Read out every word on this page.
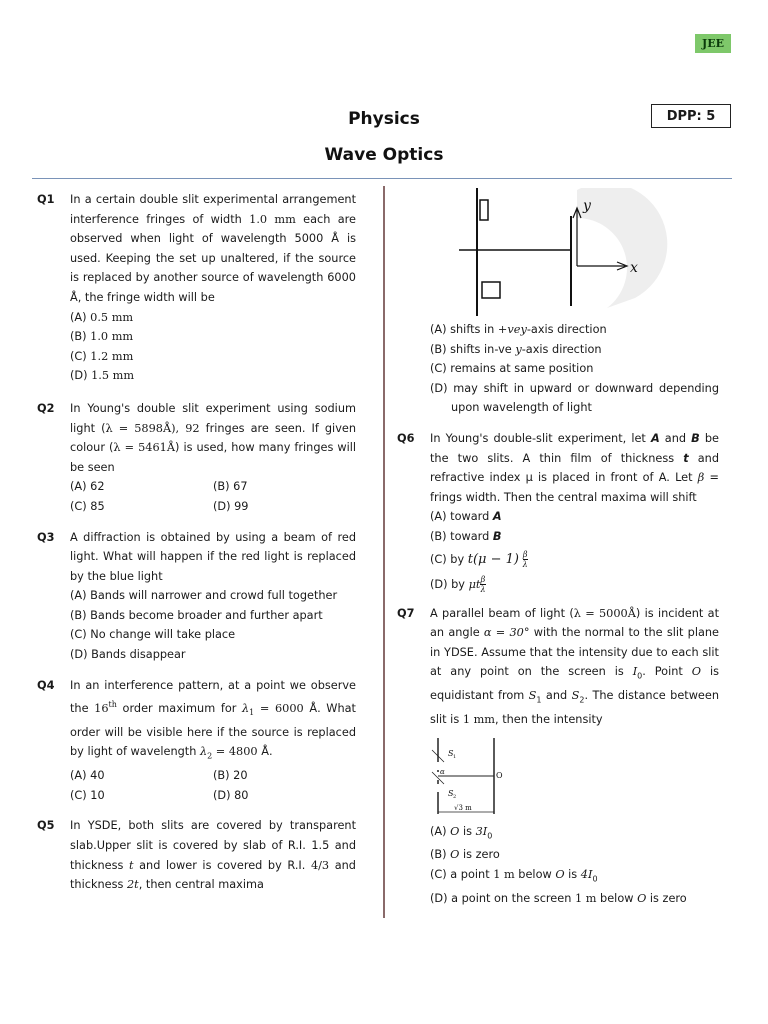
JEE
Physics	DPP: 5
Wave Optics
Q1 In a certain double slit experimental arrangement interference fringes of width 1.0 mm each are observed when light of wavelength 5000 Å is used. Keeping the set up unaltered, if the source is replaced by another source of wavelength 6000 Å, the fringe width will be
(A) 0.5 mm
(B) 1.0 mm
(C) 1.2 mm
(D) 1.5 mm
Q2 In Young's double slit experiment using sodium light (λ = 5898Å), 92 fringes are seen. If given colour (λ = 5461Å) is used, how many fringes will be seen
(A) 62	(B) 67
(C) 85	(D) 99
Q3 A diffraction is obtained by using a beam of red light. What will happen if the red light is replaced by the blue light
(A) Bands will narrower and crowd full together
(B) Bands become broader and further apart
(C) No change will take place
(D) Bands disappear
Q4 In an interference pattern, at a point we observe the 16th order maximum for $\lambda_1 = 6000$ Å. What order will be visible here if the source is replaced by light of wavelength $\lambda_2 = 4800$ Å.
(A) 40	(B) 20
(C) 10	(D) 80
Q5 In YSDE, both slits are covered by transparent slab.Upper slit is covered by slab of R.I. 1.5 and thickness t and lower is covered by R.I. 4/3 and thickness 2t, then central maxima
y
x
(A) shifts in +vey-axis direction
(B) shifts in-ve y-axis direction
(C) remains at same position
(D) may shift in upward or downward depending upon wavelength of light
Q6 In Young's double-slit experiment, let A and B be the two slits. A thin film of thickness t and refractive index μ is placed in front of A. Let β = frings width. Then the central maxima will shift
(A) toward A
(B) toward B
(C) by $t(\mu - 1) \frac{\beta}{\lambda}$
(D) by μt $\frac{\beta}{\lambda}$
Q7 A parallel beam of light (λ = 5000Å) is incident at an angle α = 30° with the normal to the slit plane in YDSE. Assume that the intensity due to each slit at any point on the screen is $I_0$. Point O is equidistant from $S_1$ and $S_2$. The distance between slit is 1 mm, then the intensity
S 1
S 2
α	O
√3 m
(A) O is $3I_0$
(B) O is zero
(C) a point 1 m below O is $4I_0$
(D) a point on the screen 1 m below O is zero
